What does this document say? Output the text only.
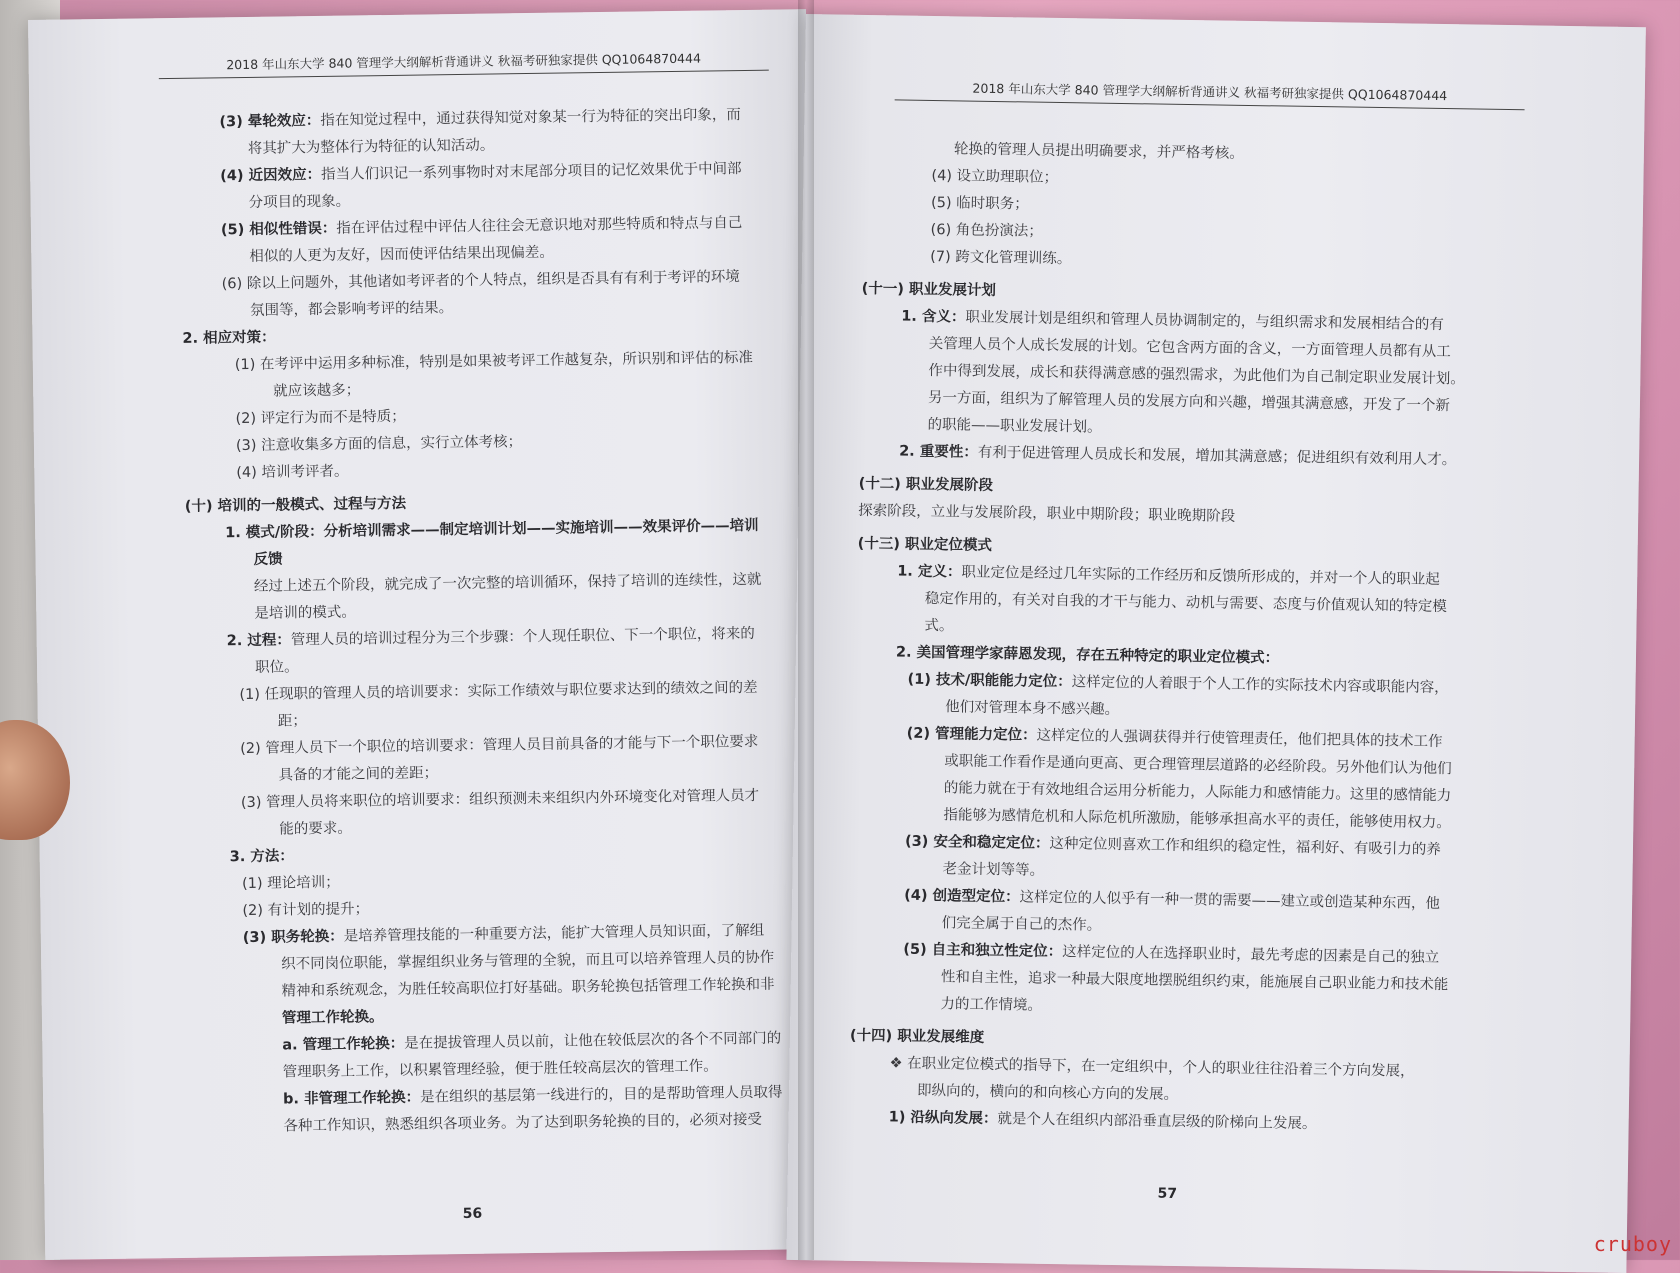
2018 年山东大学 840 管理学大纲解析背通讲义 秋福考研独家提供 QQ1064870444
(3) 晕轮效应：指在知觉过程中，通过获得知觉对象某一行为特征的突出印象，而
将其扩大为整体行为特征的认知活动。
(4) 近因效应：指当人们识记一系列事物时对末尾部分项目的记忆效果优于中间部
分项目的现象。
(5) 相似性错误：指在评估过程中评估人往往会无意识地对那些特质和特点与自己
相似的人更为友好，因而使评估结果出现偏差。
(6) 除以上问题外，其他诸如考评者的个人特点，组织是否具有有利于考评的环境
氛围等，都会影响考评的结果。
2. 相应对策：
(1) 在考评中运用多种标准，特别是如果被考评工作越复杂，所识别和评估的标准
就应该越多；
(2) 评定行为而不是特质；
(3) 注意收集多方面的信息，实行立体考核；
(4) 培训考评者。
(十) 培训的一般模式、过程与方法
1. 模式/阶段：分析培训需求——制定培训计划——实施培训——效果评价——培训
反馈
经过上述五个阶段，就完成了一次完整的培训循环，保持了培训的连续性，这就
是培训的模式。
2. 过程：管理人员的培训过程分为三个步骤：个人现任职位、下一个职位，将来的
职位。
(1) 任现职的管理人员的培训要求：实际工作绩效与职位要求达到的绩效之间的差
距；
(2) 管理人员下一个职位的培训要求：管理人员目前具备的才能与下一个职位要求
具备的才能之间的差距；
(3) 管理人员将来职位的培训要求：组织预测未来组织内外环境变化对管理人员才
能的要求。
3. 方法：
(1) 理论培训；
(2) 有计划的提升；
(3) 职务轮换：是培养管理技能的一种重要方法，能扩大管理人员知识面，了解组
织不同岗位职能，掌握组织业务与管理的全貌，而且可以培养管理人员的协作
精神和系统观念，为胜任较高职位打好基础。职务轮换包括管理工作轮换和非
管理工作轮换。
a. 管理工作轮换：是在提拔管理人员以前，让他在较低层次的各个不同部门的
管理职务上工作，以积累管理经验，便于胜任较高层次的管理工作。
b. 非管理工作轮换：是在组织的基层第一线进行的，目的是帮助管理人员取得
各种工作知识，熟悉组织各项业务。为了达到职务轮换的目的，必须对接受
56
2018 年山东大学 840 管理学大纲解析背通讲义 秋福考研独家提供 QQ1064870444
轮换的管理人员提出明确要求，并严格考核。
(4) 设立助理职位；
(5) 临时职务；
(6) 角色扮演法；
(7) 跨文化管理训练。
(十一) 职业发展计划
1. 含义：职业发展计划是组织和管理人员协调制定的，与组织需求和发展相结合的有
关管理人员个人成长发展的计划。它包含两方面的含义，一方面管理人员都有从工
作中得到发展，成长和获得满意感的强烈需求，为此他们为自己制定职业发展计划。
另一方面，组织为了解管理人员的发展方向和兴趣，增强其满意感，开发了一个新
的职能——职业发展计划。
2. 重要性：有利于促进管理人员成长和发展，增加其满意感；促进组织有效利用人才。
(十二) 职业发展阶段
探索阶段，立业与发展阶段，职业中期阶段；职业晚期阶段
(十三) 职业定位模式
1. 定义：职业定位是经过几年实际的工作经历和反馈所形成的，并对一个人的职业起
稳定作用的，有关对自我的才干与能力、动机与需要、态度与价值观认知的特定模
式。
2. 美国管理学家薛恩发现，存在五种特定的职业定位模式：
(1) 技术/职能能力定位：这样定位的人着眼于个人工作的实际技术内容或职能内容，
他们对管理本身不感兴趣。
(2) 管理能力定位：这样定位的人强调获得并行使管理责任，他们把具体的技术工作
或职能工作看作是通向更高、更合理管理层道路的必经阶段。另外他们认为他们
的能力就在于有效地组合运用分析能力，人际能力和感情能力。这里的感情能力
指能够为感情危机和人际危机所激励，能够承担高水平的责任，能够使用权力。
(3) 安全和稳定定位：这种定位则喜欢工作和组织的稳定性，福利好、有吸引力的养
老金计划等等。
(4) 创造型定位：这样定位的人似乎有一种一贯的需要——建立或创造某种东西，他
们完全属于自己的杰作。
(5) 自主和独立性定位：这样定位的人在选择职业时，最先考虑的因素是自己的独立
性和自主性，追求一种最大限度地摆脱组织约束，能施展自己职业能力和技术能
力的工作情境。
(十四) 职业发展维度
❖ 在职业定位模式的指导下，在一定组织中，个人的职业往往沿着三个方向发展，
即纵向的，横向的和向核心方向的发展。
1) 沿纵向发展：就是个人在组织内部沿垂直层级的阶梯向上发展。
57
cruboy
